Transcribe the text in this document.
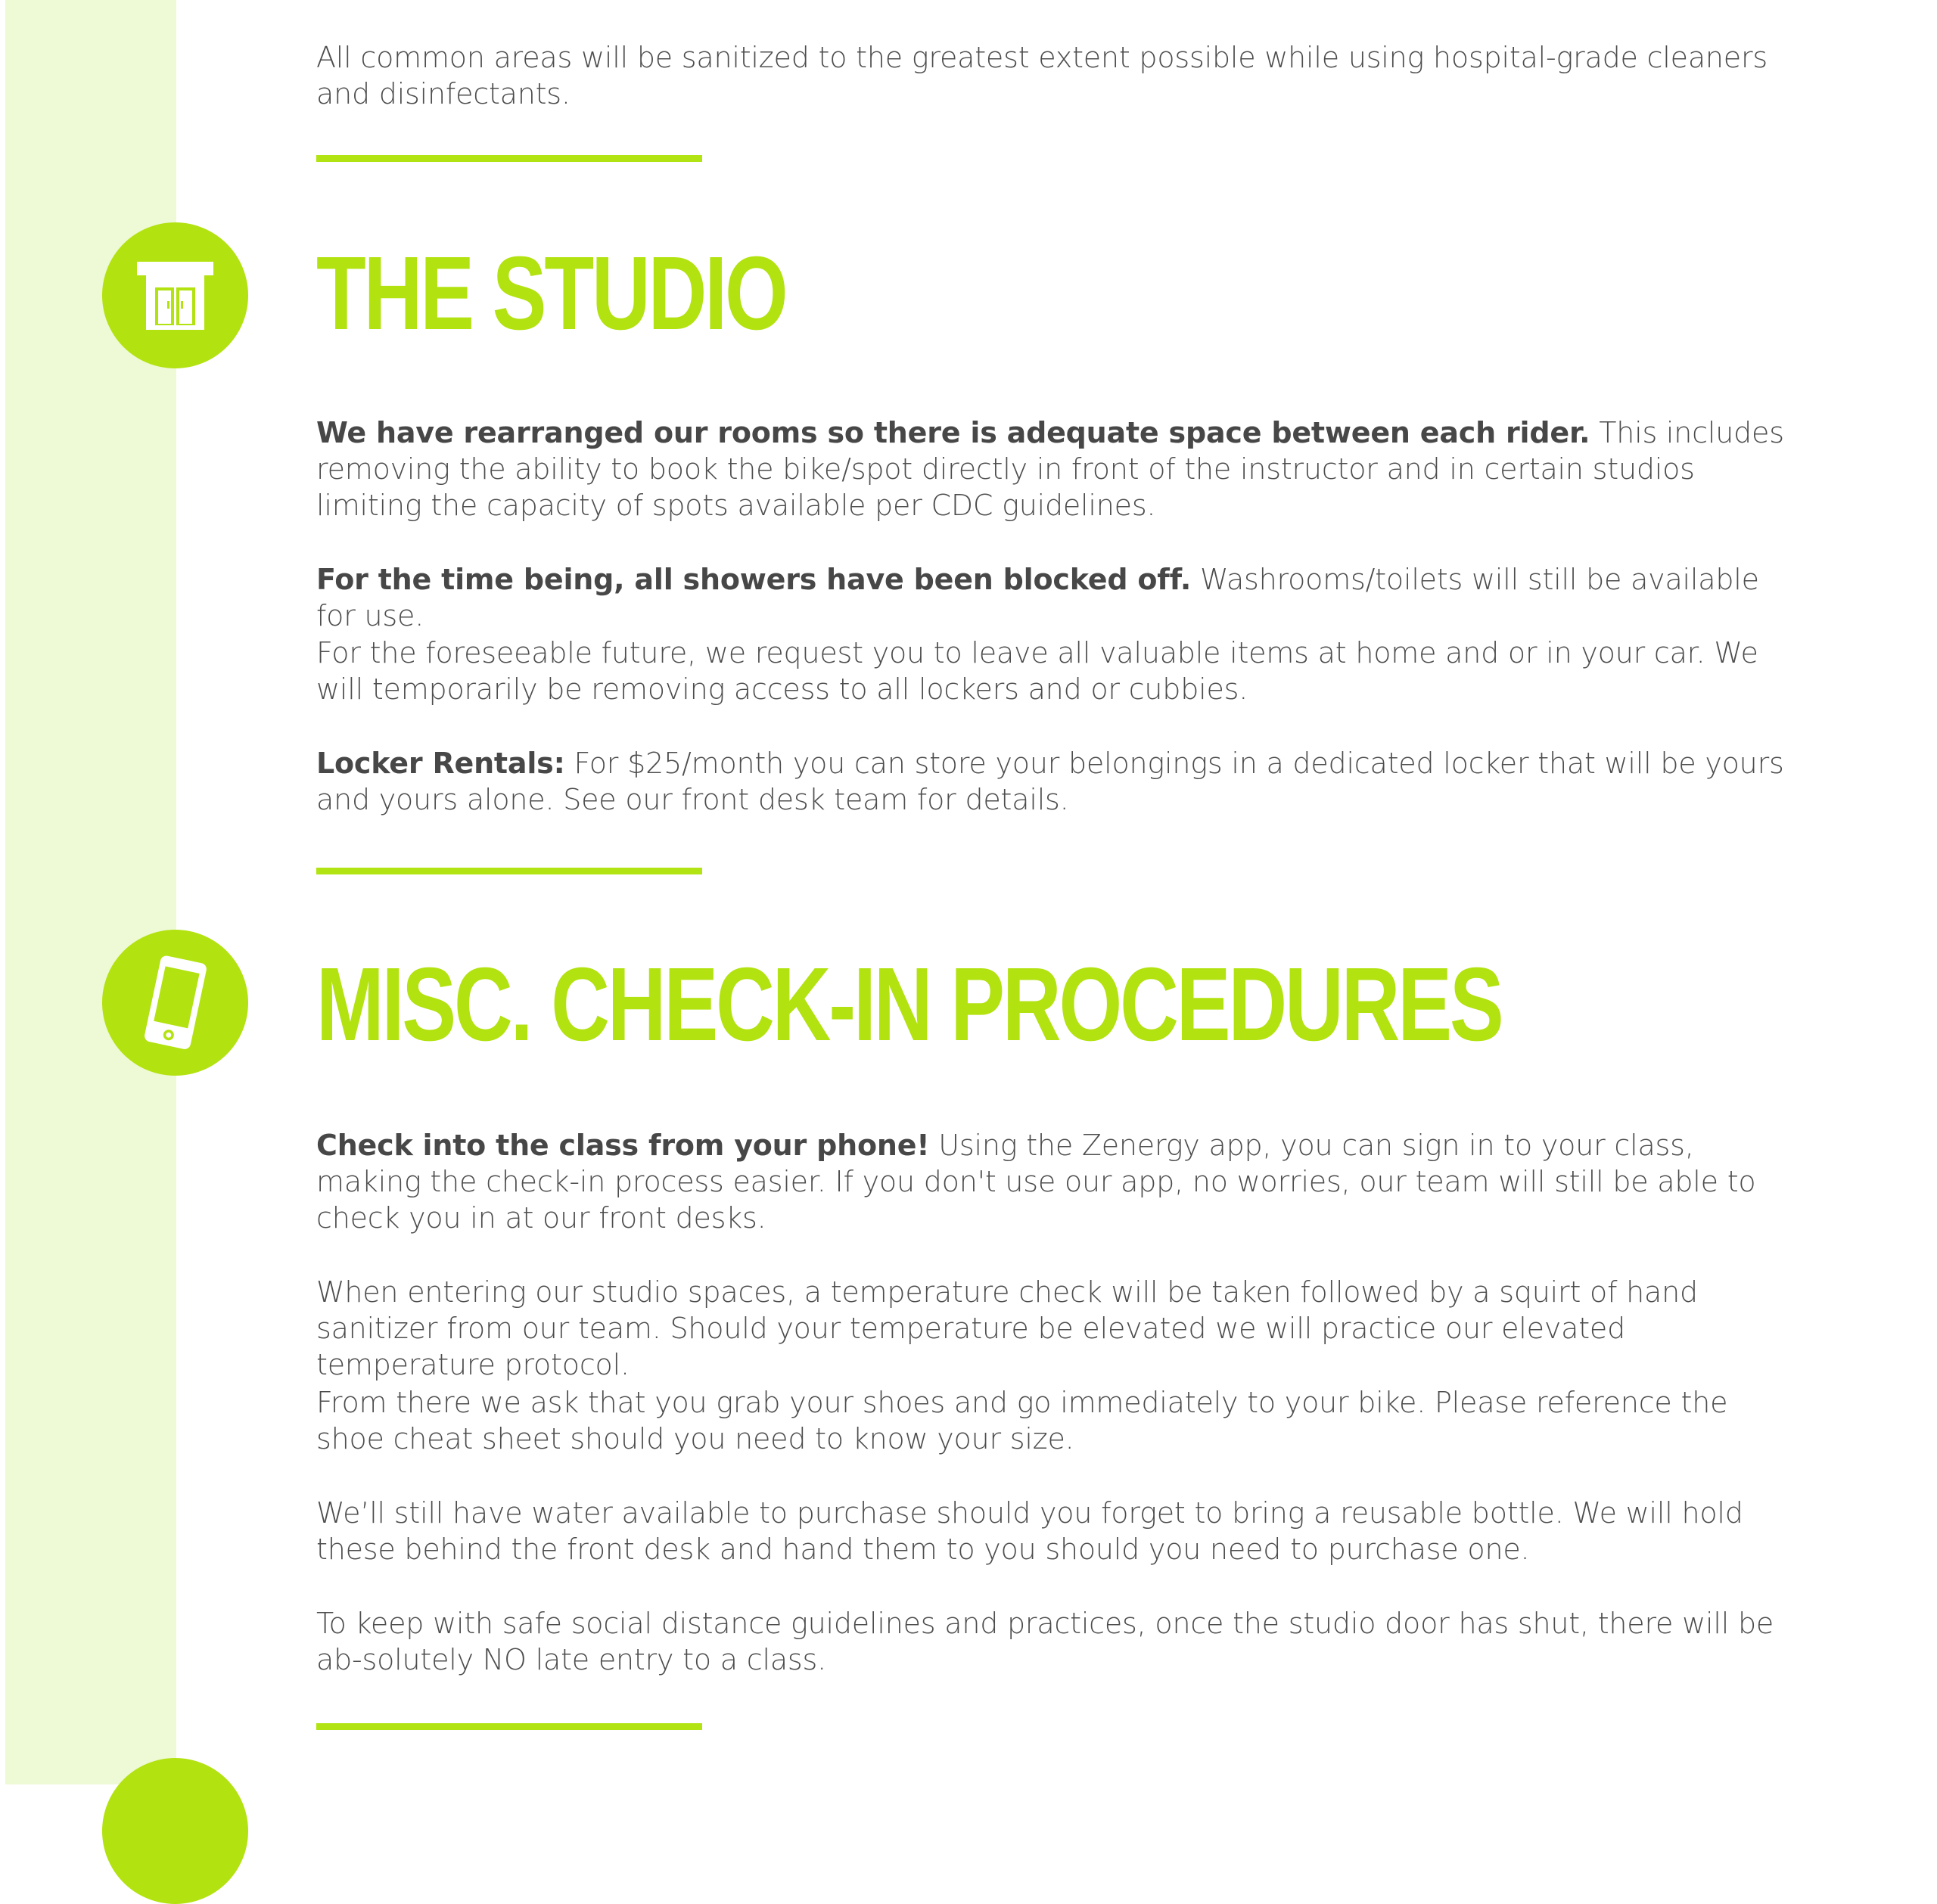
All common areas will be sanitized to the greatest extent possible while using hospital-grade cleaners and disinfectants.

THE STUDIO

We have rearranged our rooms so there is adequate space between each rider. This includes removing the ability to book the bike/spot directly in front of the instructor and in certain studios limiting the capacity of spots available per CDC guidelines.

For the time being, all showers have been blocked off. Washrooms/toilets will still be available for use.

For the foreseeable future, we request you to leave all valuable items at home and or in your car. We will temporarily be removing access to all lockers and or cubbies.

Locker Rentals: For $25/month you can store your belongings in a dedicated locker that will be yours and yours alone. See our front desk team for details.

MISC. CHECK-IN PROCEDURES

Check into the class from your phone! Using the Zenergy app, you can sign in to your class, making the check-in process easier. If you don't use our app, no worries, our team will still be able to check you in at our front desks.

When entering our studio spaces, a temperature check will be taken followed by a squirt of hand sanitizer from our team. Should your temperature be elevated we will practice our elevated temperature protocol.

From there we ask that you grab your shoes and go immediately to your bike. Please reference the shoe cheat sheet should you need to know your size.

We’ll still have water available to purchase should you forget to bring a reusable bottle. We will hold these behind the front desk and hand them to you should you need to purchase one.

To keep with safe social distance guidelines and practices, once the studio door has shut, there will be ab-solutely NO late entry to a class.
